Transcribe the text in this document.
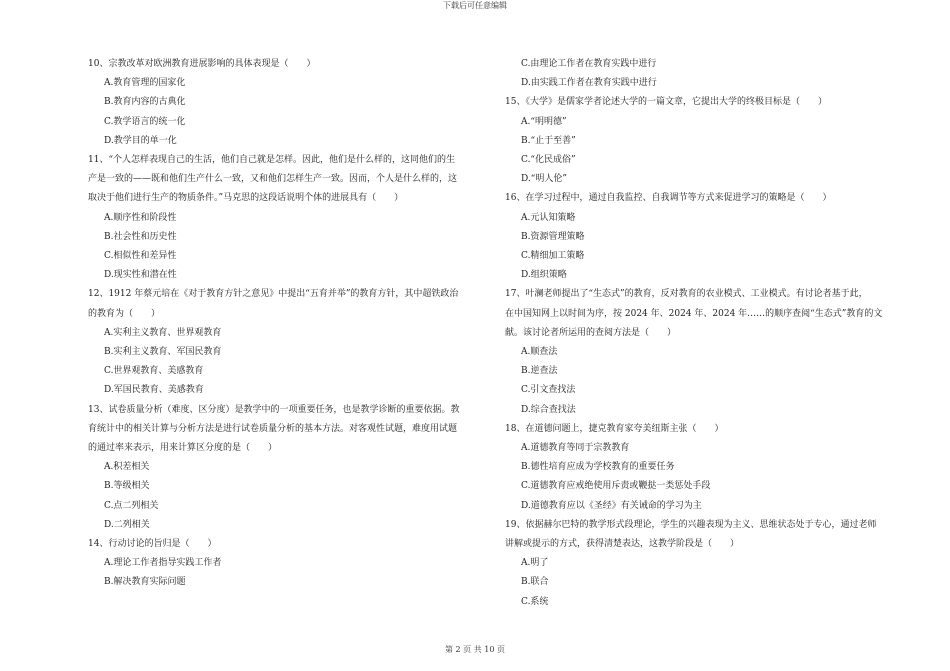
下载后可任意编辑
10、宗教改革对欧洲教育进展影响的具体表现是（　　）
A.教育管理的国家化
B.教育内容的古典化
C.教学语言的统一化
D.教学目的单一化
11、“个人怎样表现自己的生活，他们自己就是怎样。因此，他们是什么样的，这同他们的生
产是一致的——既和他们生产什么一致，又和他们怎样生产一致。因而，个人是什么样的，这
取决于他们进行生产的物质条件。”马克思的这段话说明个体的进展具有（　　）
A.顺序性和阶段性
B.社会性和历史性
C.相似性和差异性
D.现实性和潜在性
12、1912 年蔡元培在《对于教育方针之意见》中提出“五育并举”的教育方针，其中超铁政治
的教育为（　　）
A.实利主义教育、世界观教育
B.实利主义教育、军国民教育
C.世界观教育、美感教育
D.军国民教育、美感教育
13、试卷质量分析（难度、区分度）是教学中的一项重要任务，也是教学诊断的重要依据。教
育统计中的相关计算与分析方法是进行试卷质量分析的基本方法。对客观性试题，难度用试题
的通过率来表示，用来计算区分度的是（　　）
A.积差相关
B.等级相关
C.点二列相关
D.二列相关
14、行动讨论的旨归是（　　）
A.理论工作者指导实践工作者
B.解决教育实际问题
C.由理论工作者在教育实践中进行
D.由实践工作者在教育实践中进行
15、《大学》是儒家学者论述大学的一篇文章，它提出大学的终极目标是（　　）
A.“明明德”
B.“止于至善”
C.“化民成俗”
D.“明人伦”
16、在学习过程中，通过自我监控、自我调节等方式来促进学习的策略是（　　）
A.元认知策略
B.资源管理策略
C.精细加工策略
D.组织策略
17、叶澜老师提出了“生态式”的教育，反对教育的农业模式、工业模式。有讨论者基于此，
在中国知网上以时间为序，按 2024 年、2024 年、2024 年……的顺序查阅“生态式”教育的文
献。该讨论者所运用的查阅方法是（　　）
A.顺查法
B.逆查法
C.引文查找法
D.综合查找法
18、在道德问题上，捷克教育家夸美纽斯主张（　　）
A.道德教育等同于宗教教育
B.德性培育应成为学校教育的重要任务
C.道德教育应戒绝使用斥责或鞭挞一类惩处手段
D.道德教育应以《圣经》有关诫命的学习为主
19、依据赫尔巴特的教学形式段理论，学生的兴趣表现为主义、思维状态处于专心，通过老师
讲解或提示的方式，获得清楚表达，这教学阶段是（　　）
A.明了
B.联合
C.系统
第 2 页 共 10 页
